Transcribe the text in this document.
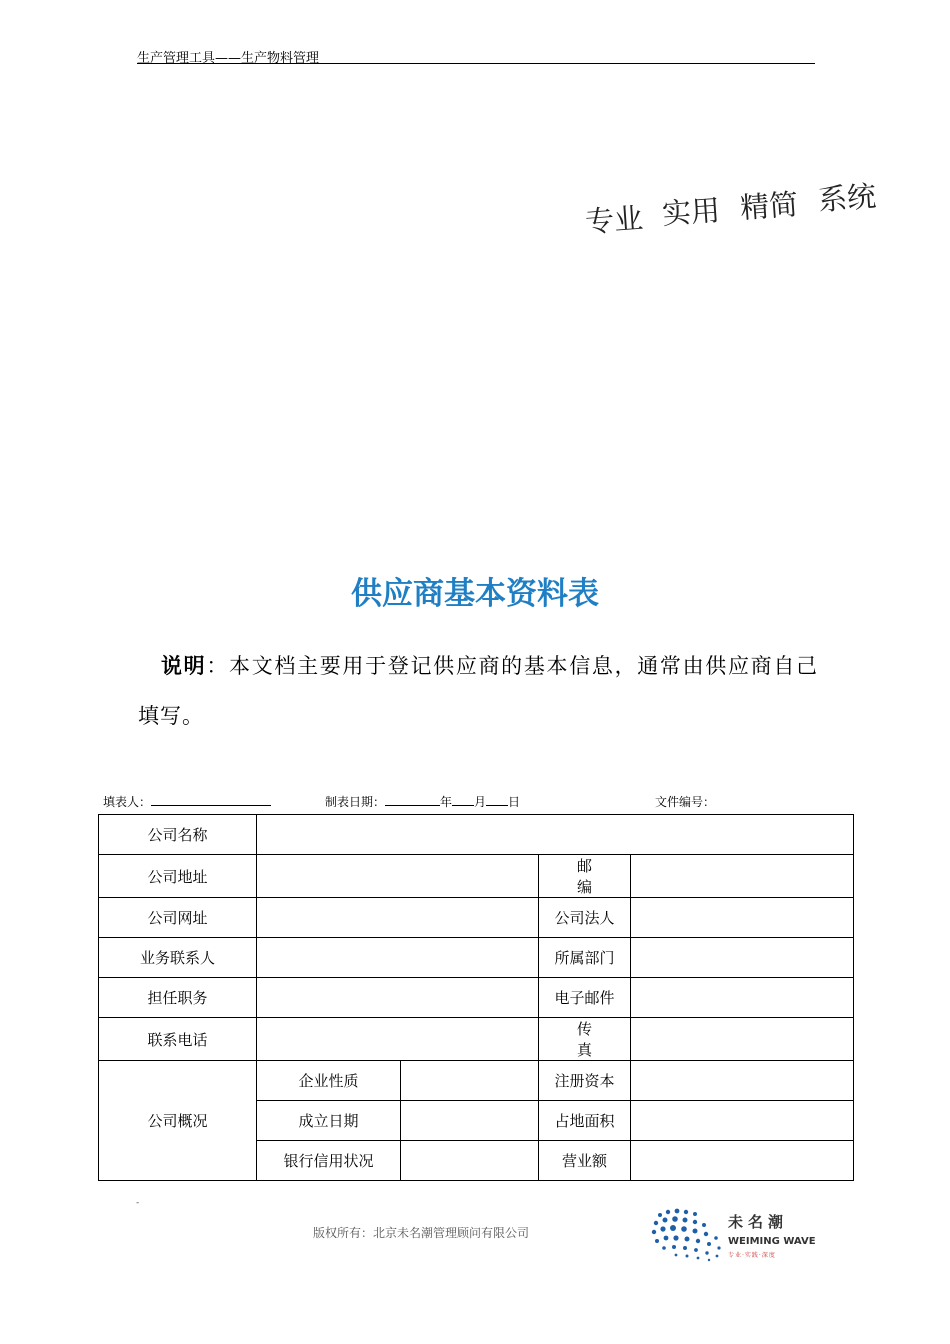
生产管理工具——生产物料管理
专业 实用 精简 系统
供应商基本资料表
说明：本文档主要用于登记供应商的基本信息，通常由供应商自己填写。
填表人：	制表日期：	年 月 日	文件编号：
公司名称				
公司地址			邮编	
公司网址			公司法人	
业务联系人			所属部门	
担任职务			电子邮件	
联系电话			传真	
公司概况	企业性质		注册资本	
	成立日期		占地面积	
	银行信用状况		营业额	
-
版权所有：北京未名潮管理顾问有限公司
未名潮
WEIMING WAVE
专业·实践·深度
